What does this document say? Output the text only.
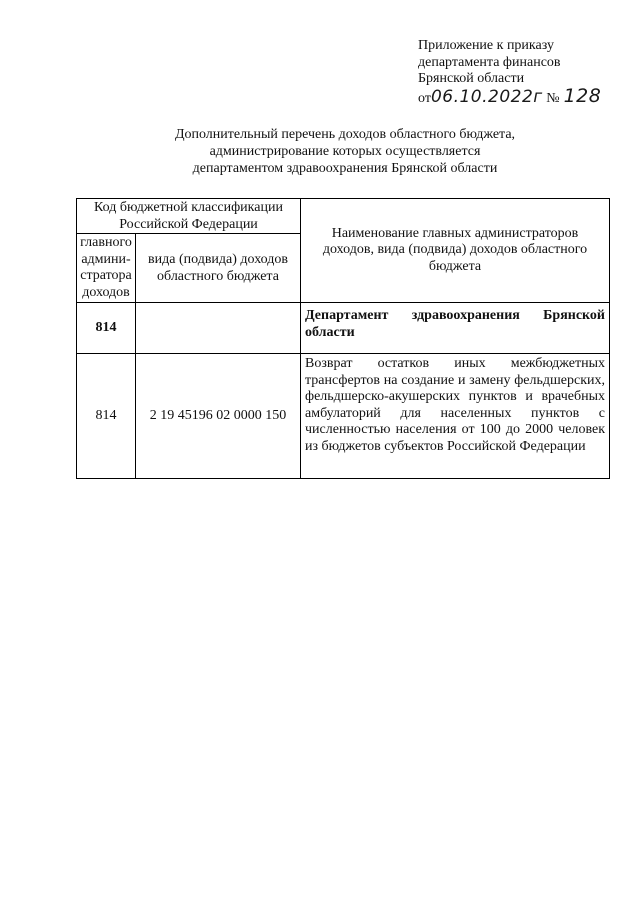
Приложение к приказу
департамента финансов
Брянской области
от06.10.2022г № 128
Дополнительный перечень доходов областного бюджета,
администрирование которых осуществляется
департаментом здравоохранения Брянской области
Код бюджетной классификации Российской Федерации		Наименование главных администраторов доходов, вида (подвида) доходов областного бюджета
главного админи-стратора доходов	вида (подвида) доходов областного бюджета	
814		Департамент здравоохранения Брянской области
814	2 19 45196 02 0000 150	Возврат остатков иных межбюджетных трансфертов на создание и замену фельдшерских, фельдшерско-акушерских пунктов и врачебных амбулаторий для населенных пунктов с численностью населения от 100 до 2000 человек из бюджетов субъектов Российской Федерации
